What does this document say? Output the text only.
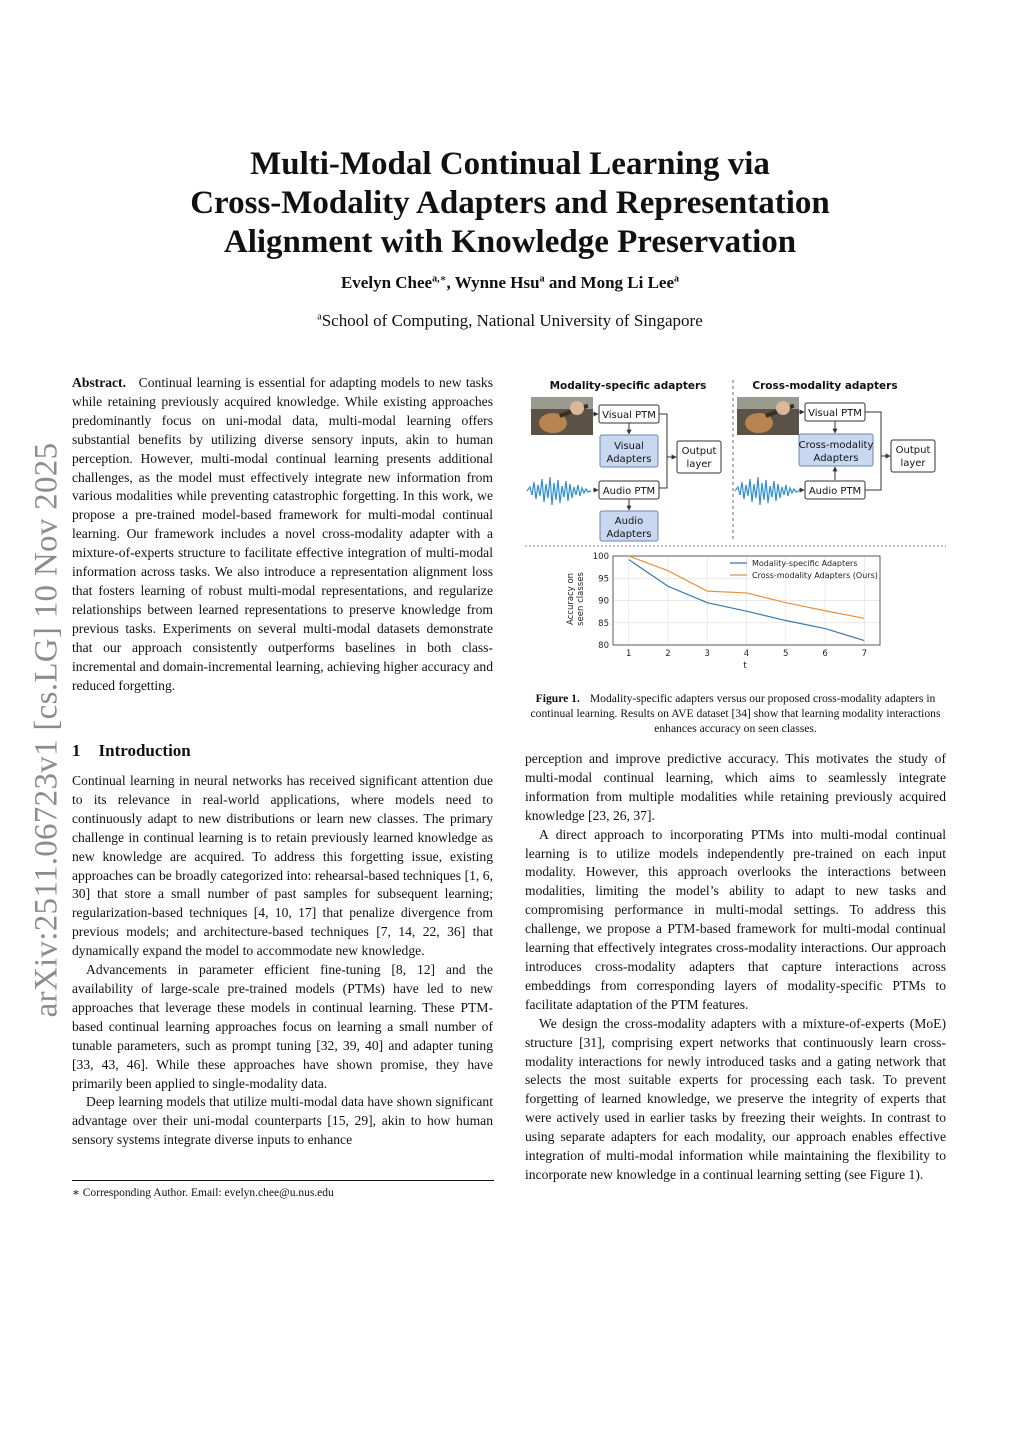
arXiv:2511.06723v1 [cs.LG] 10 Nov 2025
Multi-Modal Continual Learning via
Cross-Modality Adapters and Representation
Alignment with Knowledge Preservation
Evelyn Chee$^{a,∗}$, Wynne Hsu$^a$ and Mong Li Lee$^a$
$^a$School of Computing, National University of Singapore

Abstract. Continual learning is essential for adapting models to new tasks while retaining previously acquired knowledge. While existing approaches predominantly focus on uni-modal data, multi-modal learning offers substantial benefits by utilizing diverse sensory inputs, akin to human perception. However, multi-modal continual learning presents additional challenges, as the model must effectively integrate new information from various modalities while preventing catastrophic forgetting. In this work, we propose a pre-trained model-based framework for multi-modal continual learning. Our framework includes a novel cross-modality adapter with a mixture-of-experts structure to facilitate effective integration of multi-modal information across tasks. We also introduce a representation alignment loss that fosters learning of robust multi-modal representations, and regularize relationships between learned representations to preserve knowledge from previous tasks. Experiments on several multi-modal datasets demonstrate that our approach consistently outperforms baselines in both class-incremental and domain-incremental learning, achieving higher accuracy and reduced forgetting.

1 Introduction

Continual learning in neural networks has received significant attention due to its relevance in real-world applications, where models need to continuously adapt to new distributions or learn new classes. The primary challenge in continual learning is to retain previously learned knowledge as new knowledge are acquired. To address this forgetting issue, existing approaches can be broadly categorized into: rehearsal-based techniques [1, 6, 30] that store a small number of past samples for subsequent learning; regularization-based techniques [4, 10, 17] that penalize divergence from previous models; and architecture-based techniques [7, 14, 22, 36] that dynamically expand the model to accommodate new knowledge.

Advancements in parameter efficient fine-tuning [8, 12] and the availability of large-scale pre-trained models (PTMs) have led to new approaches that leverage these models in continual learning. These PTM-based continual learning approaches focus on learning a small number of tunable parameters, such as prompt tuning [32, 39, 40] and adapter tuning [33, 43, 46]. While these approaches have shown promise, they have primarily been applied to single-modality data.

Deep learning models that utilize multi-modal data have shown significant advantage over their uni-modal counterparts [15, 29], akin to how human sensory systems integrate diverse inputs to enhance

∗ Corresponding Author. Email: evelyn.chee@u.nus.edu
Modality-specific adapters	Cross-modality adapters
Visual PTM
Visual
Adapters
Audio PTM
Audio
Adapters
Output
layer
Visual PTM
Cross-modality
Adapters
Audio PTM
Output
layer
Accuracy on seen classes
t
80
85
90
95
100
1	2	3	4	5	6	7
Modality-specific Adapters
Cross-modality Adapters (Ours)
Figure 1. Modality-specific adapters versus our proposed cross-modality adapters in continual learning. Results on AVE dataset [34] show that learning modality interactions enhances accuracy on seen classes.

perception and improve predictive accuracy. This motivates the study of multi-modal continual learning, which aims to seamlessly integrate information from multiple modalities while retaining previously acquired knowledge [23, 26, 37].

A direct approach to incorporating PTMs into multi-modal continual learning is to utilize models independently pre-trained on each input modality. However, this approach overlooks the interactions between modalities, limiting the model’s ability to adapt to new tasks and compromising performance in multi-modal settings. To address this challenge, we propose a PTM-based framework for multi-modal continual learning that effectively integrates cross-modality interactions. Our approach introduces cross-modality adapters that capture interactions across embeddings from corresponding layers of modality-specific PTMs to facilitate adaptation of the PTM features.

We design the cross-modality adapters with a mixture-of-experts (MoE) structure [31], comprising expert networks that continuously learn cross-modality interactions for newly introduced tasks and a gating network that selects the most suitable experts for processing each task. To prevent forgetting of learned knowledge, we preserve the integrity of experts that were actively used in earlier tasks by freezing their weights. In contrast to using separate adapters for each modality, our approach enables effective integration of multi-modal information while maintaining the flexibility to incorporate new knowledge in a continual learning setting (see Figure 1).
